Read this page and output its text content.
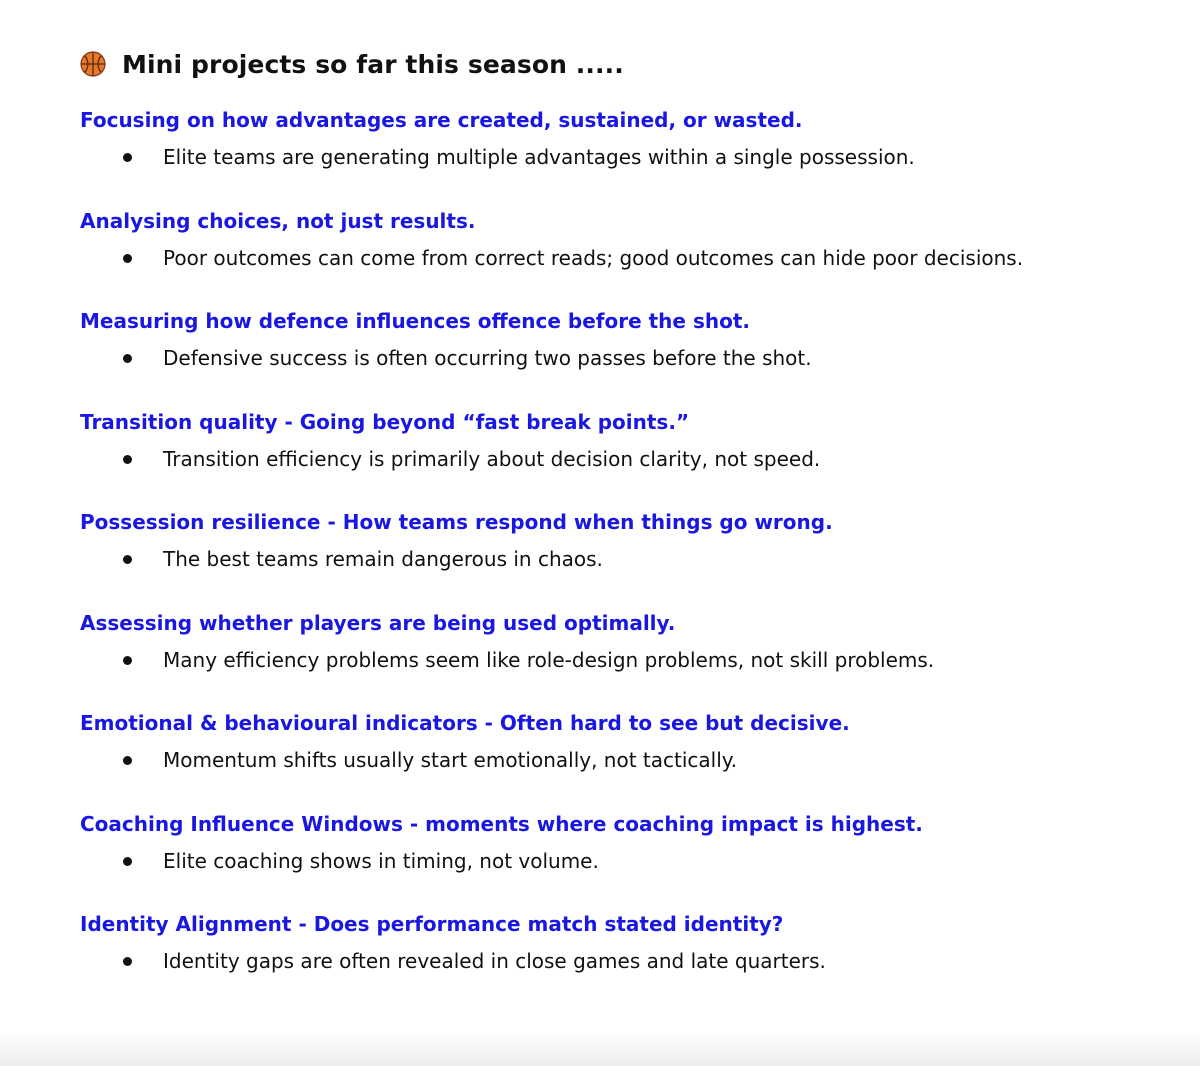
Mini projects so far this season .....
Focusing on how advantages are created, sustained, or wasted.
Elite teams are generating multiple advantages within a single possession.
Analysing choices, not just results.
Poor outcomes can come from correct reads; good outcomes can hide poor decisions.
Measuring how defence influences offence before the shot.
Defensive success is often occurring two passes before the shot.
Transition quality - Going beyond “fast break points.”
Transition efficiency is primarily about decision clarity, not speed.
Possession resilience - How teams respond when things go wrong.
The best teams remain dangerous in chaos.
Assessing whether players are being used optimally.
Many efficiency problems seem like role-design problems, not skill problems.
Emotional & behavioural indicators - Often hard to see but decisive.
Momentum shifts usually start emotionally, not tactically.
Coaching Influence Windows - moments where coaching impact is highest.
Elite coaching shows in timing, not volume.
Identity Alignment - Does performance match stated identity?
Identity gaps are often revealed in close games and late quarters.
